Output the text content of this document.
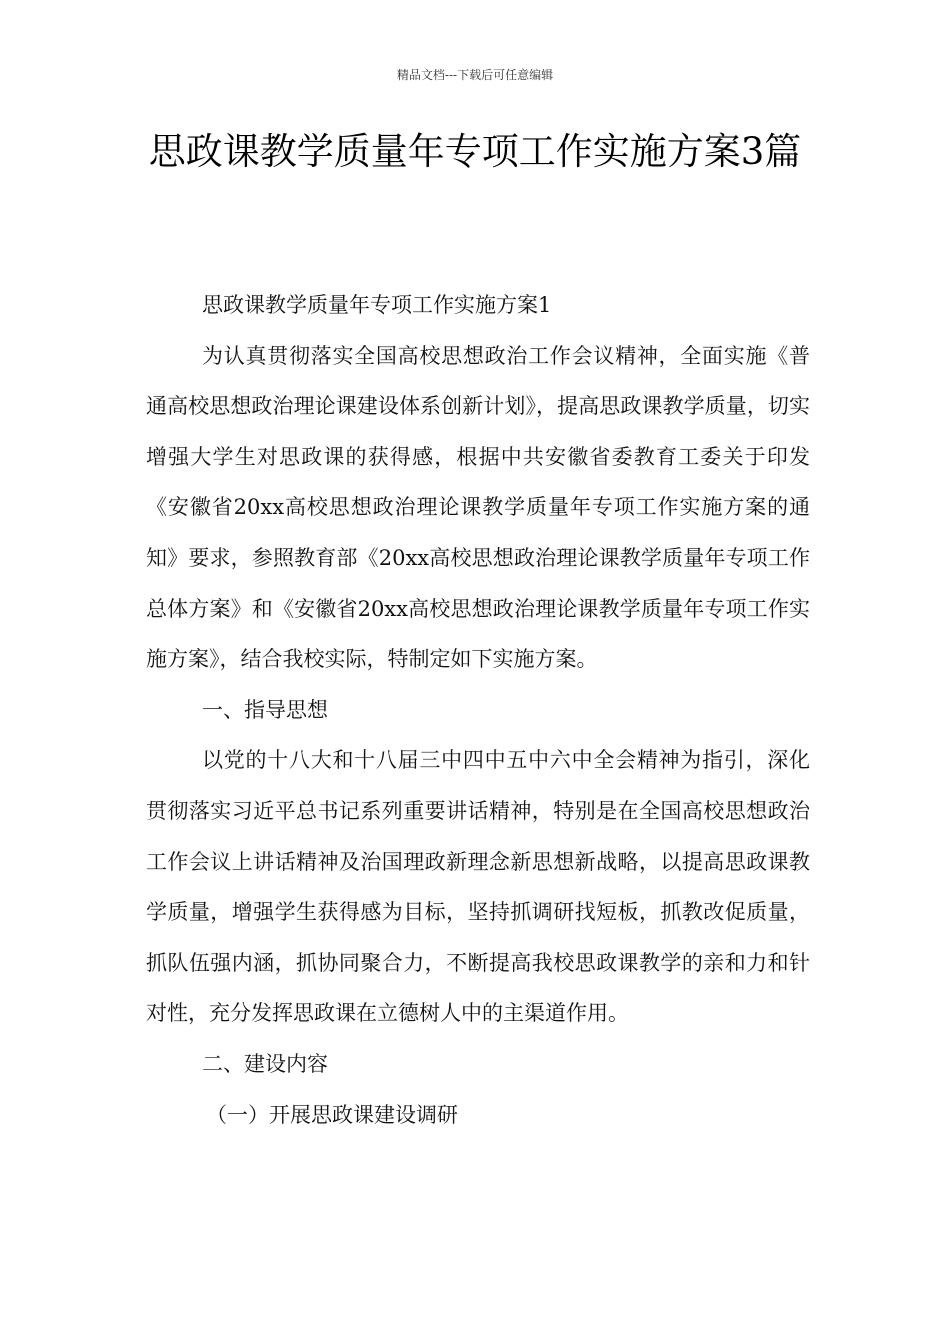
精品文档---下载后可任意编辑
思政课教学质量年专项工作实施方案3篇

思政课教学质量年专项工作实施方案1

为认真贯彻落实全国高校思想政治工作会议精神，全面实施《普通高校思想政治理论课建设体系创新计划》，提高思政课教学质量，切实增强大学生对思政课的获得感，根据中共安徽省委教育工委关于印发《安徽省20xx高校思想政治理论课教学质量年专项工作实施方案的通知》要求，参照教育部《20xx高校思想政治理论课教学质量年专项工作总体方案》和《安徽省20xx高校思想政治理论课教学质量年专项工作实施方案》，结合我校实际，特制定如下实施方案。

一、指导思想

以党的十八大和十八届三中四中五中六中全会精神为指引，深化贯彻落实习近平总书记系列重要讲话精神，特别是在全国高校思想政治工作会议上讲话精神及治国理政新理念新思想新战略，以提高思政课教学质量，增强学生获得感为目标，坚持抓调研找短板，抓教改促质量，抓队伍强内涵，抓协同聚合力，不断提高我校思政课教学的亲和力和针对性，充分发挥思政课在立德树人中的主渠道作用。

二、建设内容

（一）开展思政课建设调研
